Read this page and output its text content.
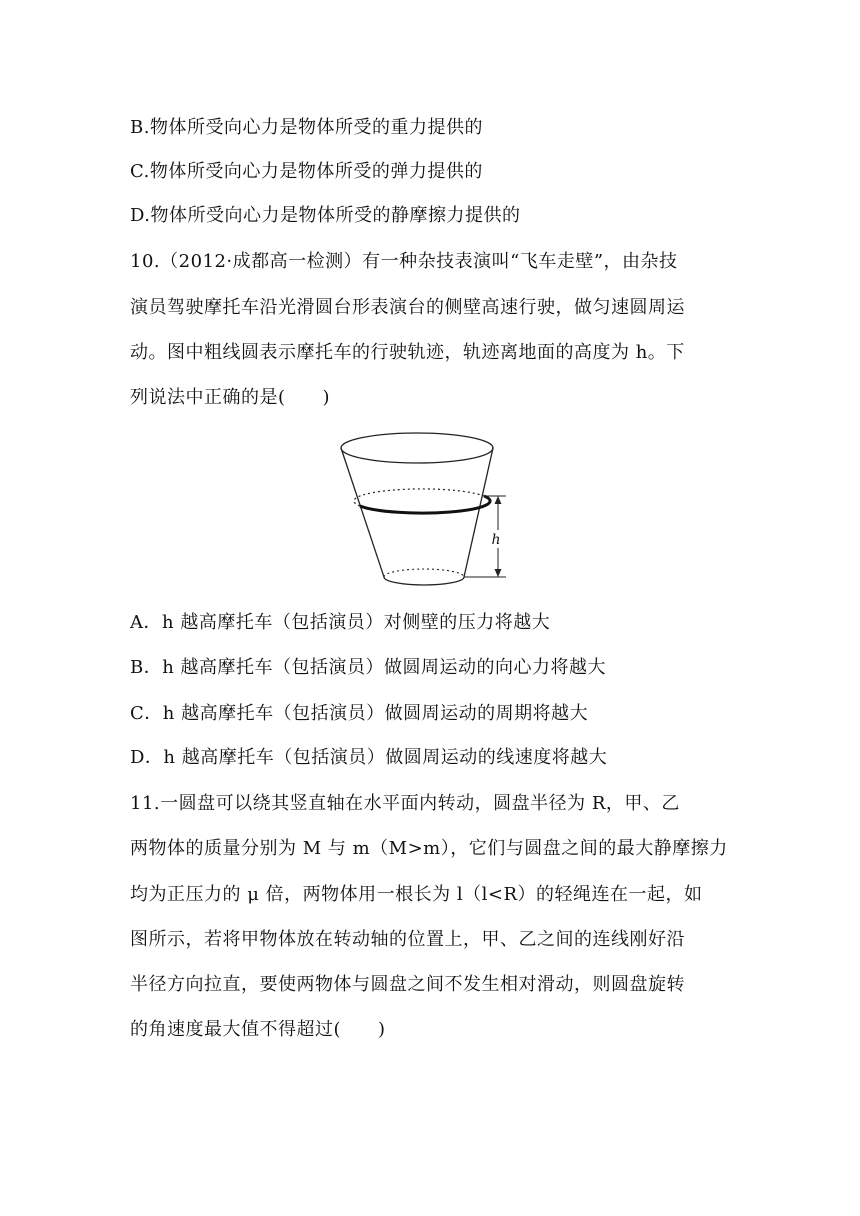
B.物体所受向心力是物体所受的重力提供的
C.物体所受向心力是物体所受的弹力提供的
D.物体所受向心力是物体所受的静摩擦力提供的
10.（2012·成都高一检测）有一种杂技表演叫“飞车走壁”，由杂技
演员驾驶摩托车沿光滑圆台形表演台的侧壁高速行驶，做匀速圆周运
动。图中粗线圆表示摩托车的行驶轨迹，轨迹离地面的高度为 h。下
列说法中正确的是(　　)
h
A．h 越高摩托车（包括演员）对侧壁的压力将越大
B．h 越高摩托车（包括演员）做圆周运动的向心力将越大
C．h 越高摩托车（包括演员）做圆周运动的周期将越大
D．h 越高摩托车（包括演员）做圆周运动的线速度将越大
11.一圆盘可以绕其竖直轴在水平面内转动，圆盘半径为 R，甲、乙
两物体的质量分别为 M 与 m（M>m），它们与圆盘之间的最大静摩擦力
均为正压力的 μ 倍，两物体用一根长为 l（l<R）的轻绳连在一起，如
图所示，若将甲物体放在转动轴的位置上，甲、乙之间的连线刚好沿
半径方向拉直，要使两物体与圆盘之间不发生相对滑动，则圆盘旋转
的角速度最大值不得超过(　　)
